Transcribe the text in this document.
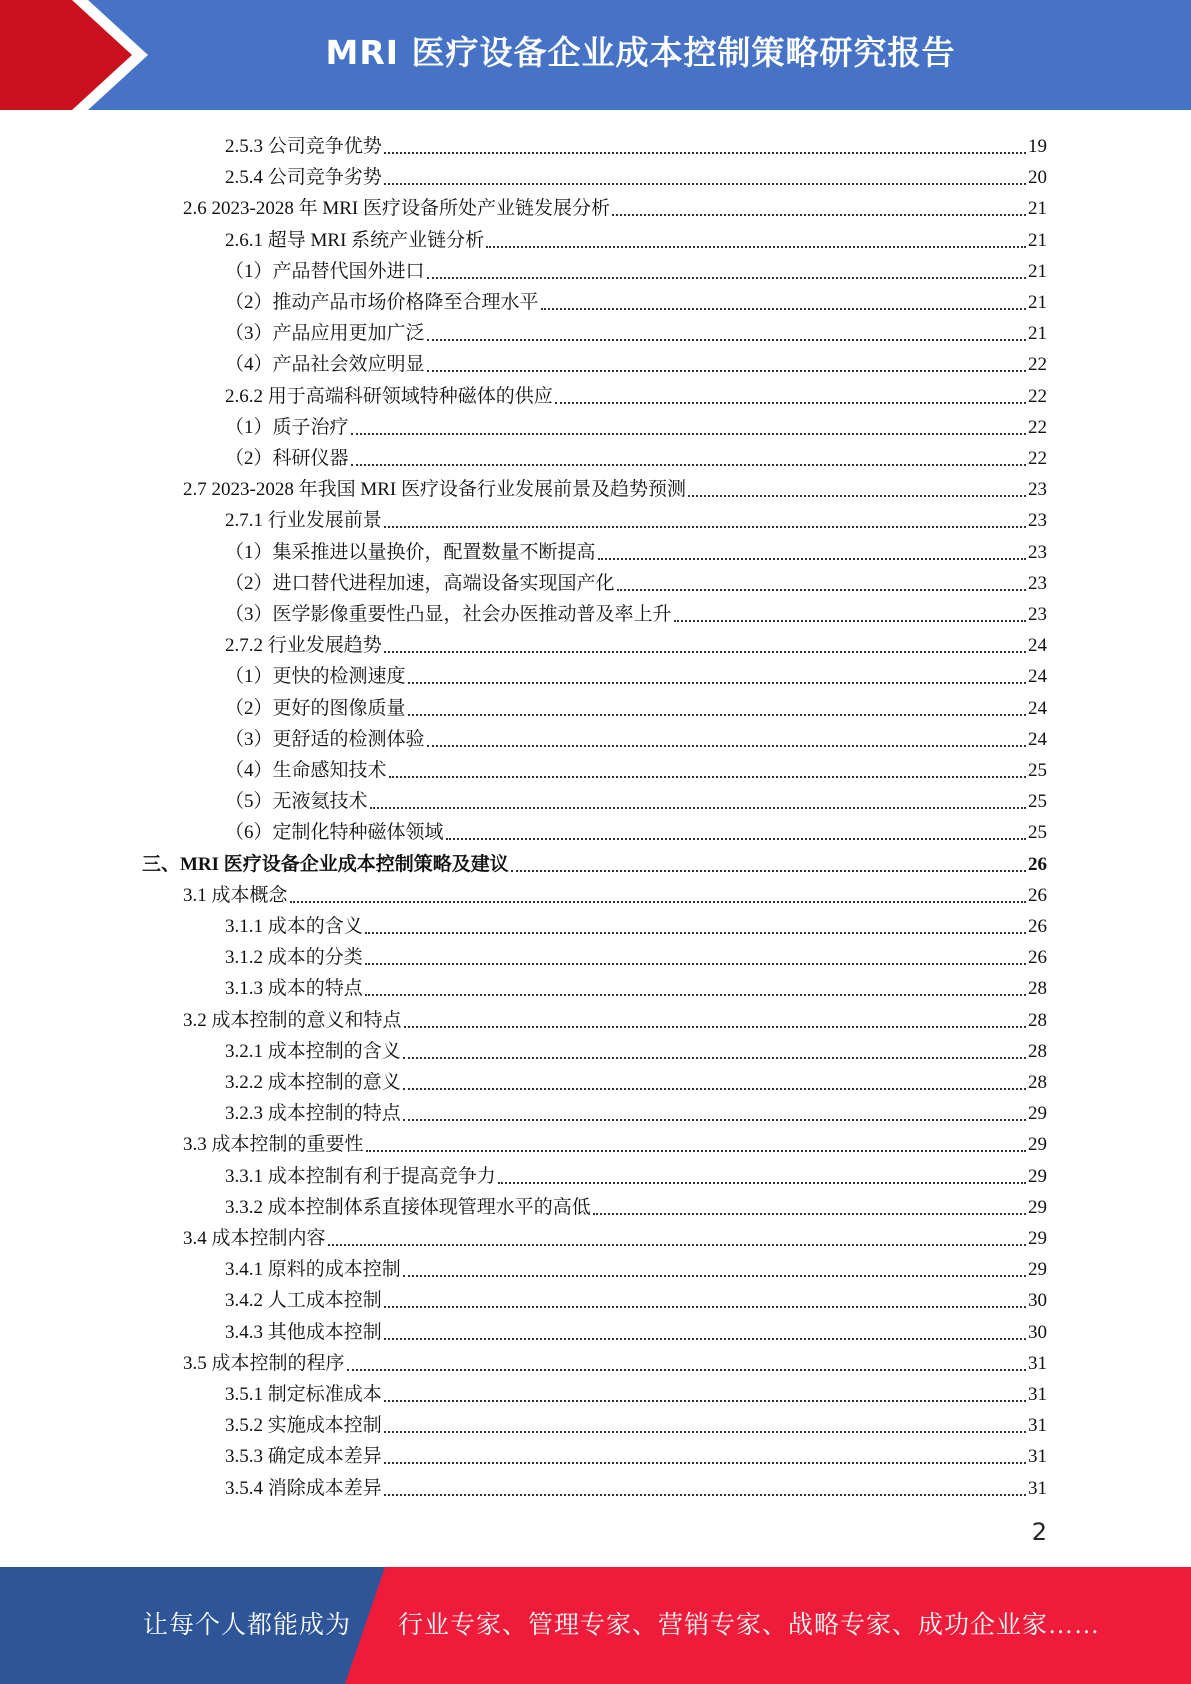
MRI 医疗设备企业成本控制策略研究报告
2.5.3 公司竞争优势	19
2.5.4 公司竞争劣势	20
2.6 2023-2028 年 MRI 医疗设备所处产业链发展分析	21
2.6.1 超导 MRI 系统产业链分析	21
（1）产品替代国外进口	21
（2）推动产品市场价格降至合理水平	21
（3）产品应用更加广泛	21
（4）产品社会效应明显	22
2.6.2 用于高端科研领域特种磁体的供应	22
（1）质子治疗	22
（2）科研仪器	22
2.7 2023-2028 年我国 MRI 医疗设备行业发展前景及趋势预测	23
2.7.1 行业发展前景	23
（1）集采推进以量换价，配置数量不断提高	23
（2）进口替代进程加速，高端设备实现国产化	23
（3）医学影像重要性凸显，社会办医推动普及率上升	23
2.7.2 行业发展趋势	24
（1）更快的检测速度	24
（2）更好的图像质量	24
（3）更舒适的检测体验	24
（4）生命感知技术	25
（5）无液氦技术	25
（6）定制化特种磁体领域	25
三、MRI 医疗设备企业成本控制策略及建议	26
3.1 成本概念	26
3.1.1 成本的含义	26
3.1.2 成本的分类	26
3.1.3 成本的特点	28
3.2 成本控制的意义和特点	28
3.2.1 成本控制的含义	28
3.2.2 成本控制的意义	28
3.2.3 成本控制的特点	29
3.3 成本控制的重要性	29
3.3.1 成本控制有利于提高竞争力	29
3.3.2 成本控制体系直接体现管理水平的高低	29
3.4 成本控制内容	29
3.4.1 原料的成本控制	29
3.4.2 人工成本控制	30
3.4.3 其他成本控制	30
3.5 成本控制的程序	31
3.5.1 制定标准成本	31
3.5.2 实施成本控制	31
3.5.3 确定成本差异	31
3.5.4 消除成本差异	31
2
让每个人都能成为 行业专家、管理专家、营销专家、战略专家、成功企业家……
